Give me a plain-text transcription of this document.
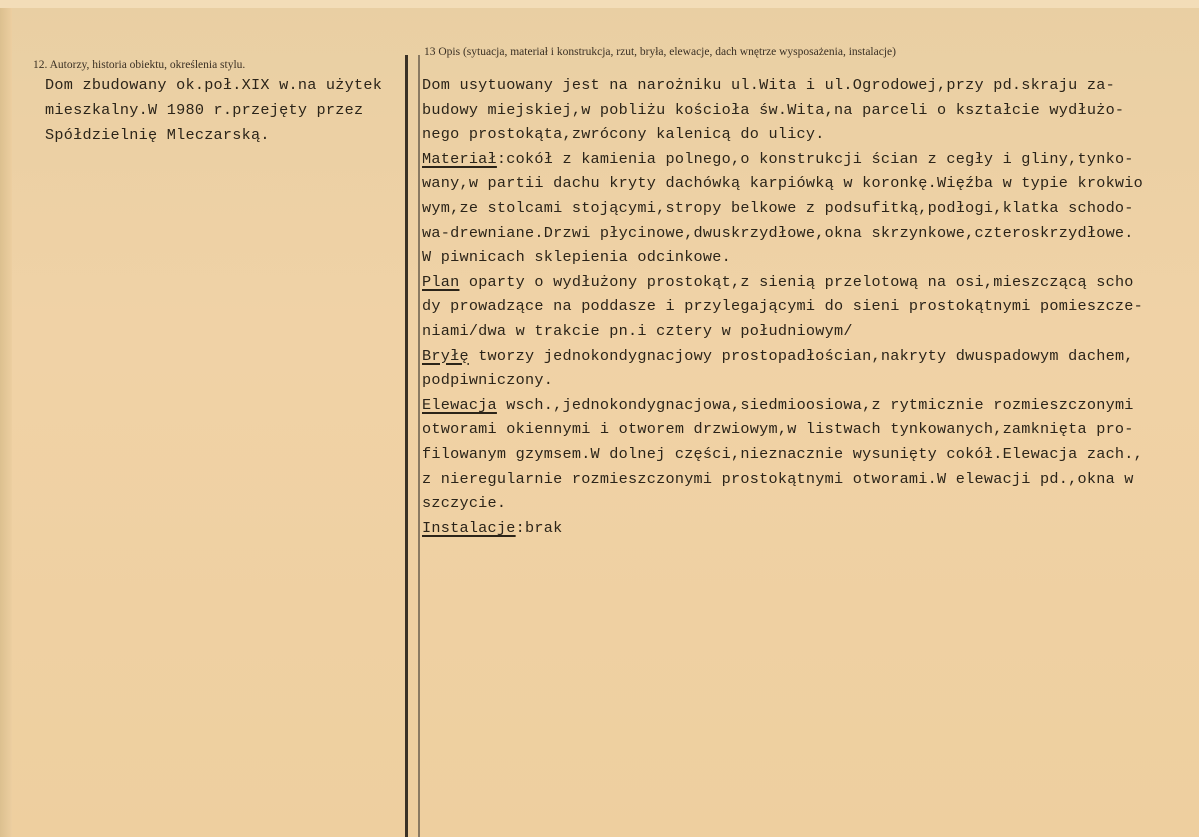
12. Autorzy, historia obiektu, określenia stylu.
13 Opis (sytuacja, materiał i konstrukcja, rzut, bryła, elewacje, dach wnętrze wysposażenia, instalacje)
Dom zbudowany ok.poł.XIX w.na użytek
mieszkalny.W 1980 r.przejęty przez
Spółdzielnię Mleczarską.
Dom usytuowany jest na narożniku ul.Wita i ul.Ogrodowej,przy pd.skraju za-
budowy miejskiej,w pobliżu kościoła św.Wita,na parceli o kształcie wydłużo-
nego prostokąta,zwrócony kalenicą do ulicy.
Materiał:cokół z kamienia polnego,o konstrukcji ścian z cegły i gliny,tynko-
wany,w partii dachu kryty dachówką karpiówką w koronkę.Więźba w typie krokwio
wym,ze stolcami stojącymi,stropy belkowe z podsufitką,podłogi,klatka schodo-
wa-drewniane.Drzwi płycinowe,dwuskrzydłowe,okna skrzynkowe,czteroskrzydłowe.
W piwnicach sklepienia odcinkowe.
Plan oparty o wydłużony prostokąt,z sienią przelotową na osi,mieszczącą scho
dy prowadzące na poddasze i przylegającymi do sieni prostokątnymi pomieszcze-
niami/dwa w trakcie pn.i cztery w południowym/
Bryłę tworzy jednokondygnacjowy prostopadłościan,nakryty dwuspadowym dachem,
podpiwniczony.
Elewacja wsch.,jednokondygnacjowa,siedmioosiowa,z rytmicznie rozmieszczonymi
otworami okiennymi i otworem drzwiowym,w listwach tynkowanych,zamknięta pro-
filowanym gzymsem.W dolnej części,nieznacznie wysunięty cokół.Elewacja zach.,
z nieregularnie rozmieszczonymi prostokątnymi otworami.W elewacji pd.,okna w
szczycie.
Instalacje:brak
